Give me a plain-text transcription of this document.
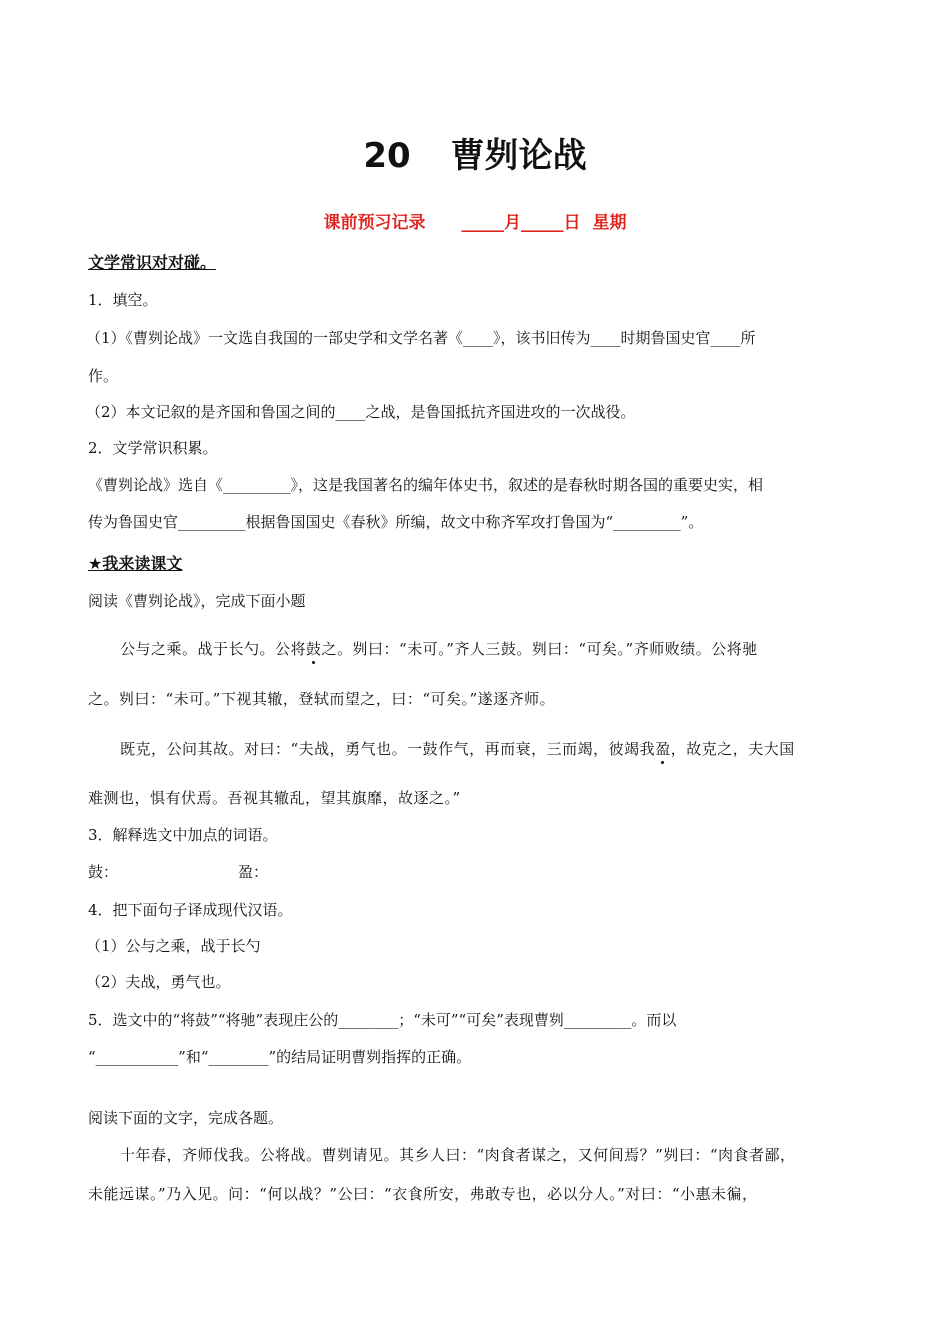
20 曹刿论战
课前预习记录 _____月_____日 星期
文学常识对对碰。
1．填空。
（1）《曹刿论战》一文选自我国的一部史学和文学名著《____》，该书旧传为____时期鲁国史官____所
作。
（2）本文记叙的是齐国和鲁国之间的____之战，是鲁国抵抗齐国进攻的一次战役。
2．文学常识积累。
《曹刿论战》选自《_________》，这是我国著名的编年体史书，叙述的是春秋时期各国的重要史实，相
传为鲁国史官_________根据鲁国国史《春秋》所编，故文中称齐军攻打鲁国为“_________”。
★我来读课文
阅读《曹刿论战》，完成下面小题
公与之乘。战于长勺。公将鼓之。刿曰：“未可。”齐人三鼓。刿曰：“可矣。”齐师败绩。公将驰
之。刿曰：“未可。”下视其辙，登轼而望之，曰：“可矣。”遂逐齐师。
既克，公问其故。对曰：“夫战，勇气也。一鼓作气，再而衰，三而竭，彼竭我盈，故克之，夫大国
难测也，惧有伏焉。吾视其辙乱，望其旗靡，故逐之。”
3．解释选文中加点的词语。
鼓：	盈：
4．把下面句子译成现代汉语。
（1）公与之乘，战于长勺
（2）夫战，勇气也。
5．选文中的“将鼓”“将驰”表现庄公的________；“未可”“可矣”表现曹刿_________。而以
“___________”和“________”的结局证明曹刿指挥的正确。
阅读下面的文字，完成各题。
十年春，齐师伐我。公将战。曹刿请见。其乡人曰：“肉食者谋之，又何间焉？”刿曰：“肉食者鄙，
未能远谋。”乃入见。问：“何以战？”公曰：“衣食所安，弗敢专也，必以分人。”对曰：“小惠未徧，
